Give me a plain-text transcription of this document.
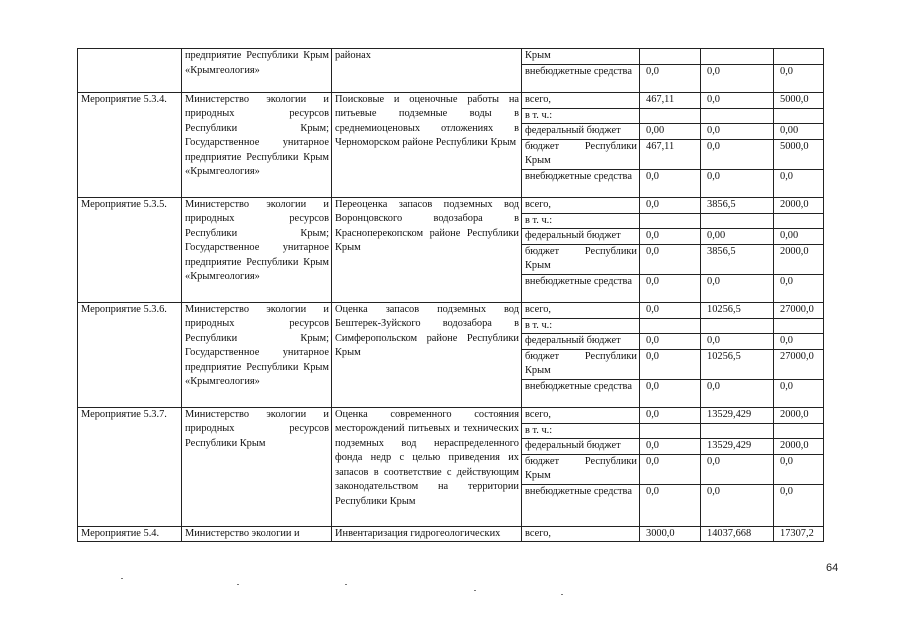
	предприятие Республики Крым «Крымгеология»	районах	Крым			
			внебюджетные средства	0,0	0,0	0,0
Мероприятие 5.3.4.	Министерство экологии и природных ресурсов Республики Крым; Государственное унитарное предприятие Республики Крым «Крымгеология»	Поисковые и оценочные работы на питьевые подземные воды в среднемиоценовых отложениях в Черноморском районе Республики Крым	всего,	467,11	0,0	5000,0
			в т. ч.:			
			федеральный бюджет	0,00	0,0	0,00
			бюджет Республики Крым	467,11	0,0	5000,0
			внебюджетные средства	0,0	0,0	0,0
Мероприятие 5.3.5.	Министерство экологии и природных ресурсов Республики Крым; Государственное унитарное предприятие Республики Крым «Крымгеология»	Переоценка запасов подземных вод Воронцовского водозабора в Красноперекопском районе Республики Крым	всего,	0,0	3856,5	2000,0
			в т. ч.:			
			федеральный бюджет	0,0	0,00	0,00
			бюджет Республики Крым	0,0	3856,5	2000,0
			внебюджетные средства	0,0	0,0	0,0
Мероприятие 5.3.6.	Министерство экологии и природных ресурсов Республики Крым; Государственное унитарное предприятие Республики Крым «Крымгеология»	Оценка запасов подземных вод Бештерек-Зуйского водозабора в Симферопольском районе Республики Крым	всего,	0,0	10256,5	27000,0
			в т. ч.:			
			федеральный бюджет	0,0	0,0	0,0
			бюджет Республики Крым	0,0	10256,5	27000,0
			внебюджетные средства	0,0	0,0	0,0
Мероприятие 5.3.7.	Министерство экологии и природных ресурсов Республики Крым	Оценка современного состояния месторождений питьевых и технических подземных вод нераспределенного фонда недр с целью приведения их запасов в соответствие с действующим законодательством на территории Республики Крым	всего,	0,0	13529,429	2000,0
			в т. ч.:			
			федеральный бюджет	0,0	13529,429	2000,0
			бюджет Республики Крым	0,0	0,0	0,0
			внебюджетные средства	0,0	0,0	0,0
Мероприятие 5.4.	Министерство экологии и	Инвентаризация гидрогеологических	всего,	3000,0	14037,668	17307,2
64
